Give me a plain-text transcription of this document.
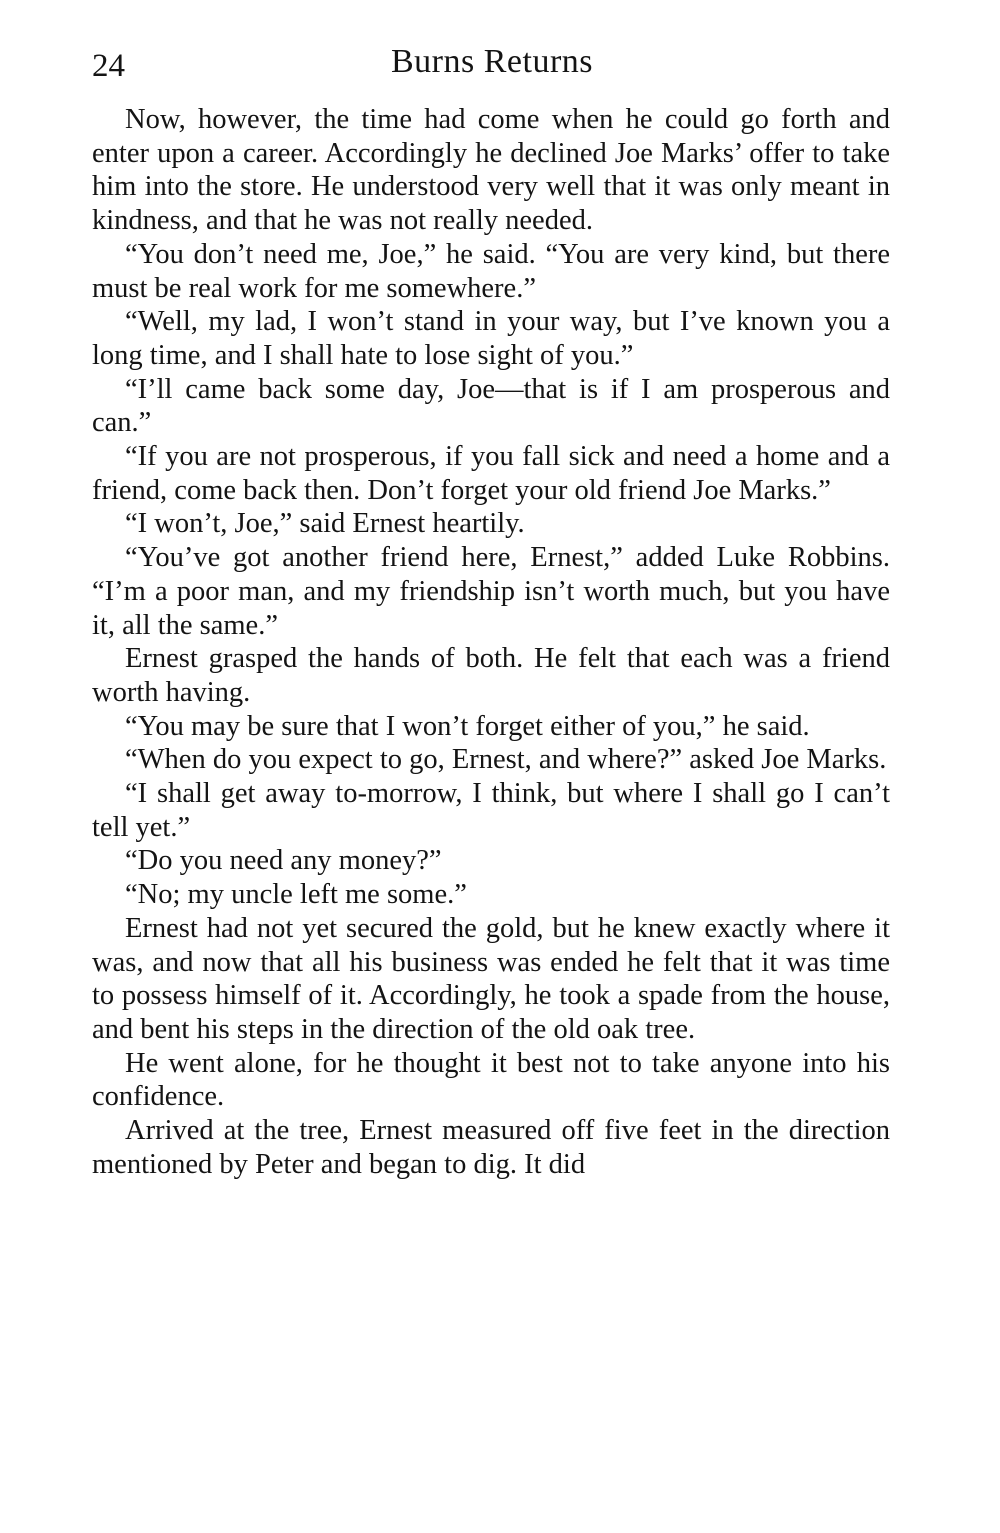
24	Burns Returns

Now, however, the time had come when he could go forth and enter upon a career. Accordingly he declined Joe Marks’ offer to take him into the store. He understood very well that it was only meant in kindness, and that he was not really needed.

“You don’t need me, Joe,” he said. “You are very kind, but there must be real work for me somewhere.”

“Well, my lad, I won’t stand in your way, but I’ve known you a long time, and I shall hate to lose sight of you.”

“I’ll came back some day, Joe—that is if I am prosperous and can.”

“If you are not prosperous, if you fall sick and need a home and a friend, come back then. Don’t forget your old friend Joe Marks.”

“I won’t, Joe,” said Ernest heartily.

“You’ve got another friend here, Ernest,” added Luke Robbins. “I’m a poor man, and my friendship isn’t worth much, but you have it, all the same.”

Ernest grasped the hands of both. He felt that each was a friend worth having.

“You may be sure that I won’t forget either of you,” he said.

“When do you expect to go, Ernest, and where?” asked Joe Marks.

“I shall get away to-morrow, I think, but where I shall go I can’t tell yet.”

“Do you need any money?”

“No; my uncle left me some.”

Ernest had not yet secured the gold, but he knew exactly where it was, and now that all his business was ended he felt that it was time to possess himself of it. Accordingly, he took a spade from the house, and bent his steps in the direction of the old oak tree.

He went alone, for he thought it best not to take anyone into his confidence.

Arrived at the tree, Ernest measured off five feet in the direction mentioned by Peter and began to dig. It did
